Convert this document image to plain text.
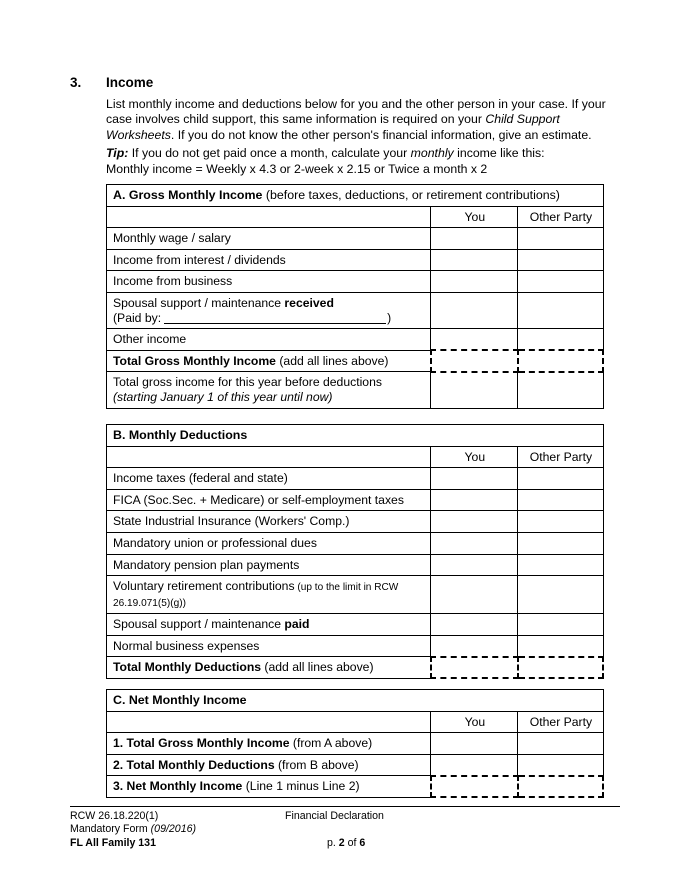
3.	Income
List monthly income and deductions below for you and the other person in your case. If your case involves child support, this same information is required on your Child Support Worksheets. If you do not know the other person's financial information, give an estimate.
Tip: If you do not get paid once a month, calculate your monthly income like this:
Monthly income = Weekly x 4.3 or 2-week x 2.15 or Twice a month x 2
A. Gross Monthly Income (before taxes, deductions, or retirement contributions)		
	You	Other Party
Monthly wage / salary		
Income from interest / dividends		
Income from business		
Spousal support / maintenance received
(Paid by: )		
Other income		
Total Gross Monthly Income (add all lines above)		
Total gross income for this year before deductions
(starting January 1 of this year until now)		
B. Monthly Deductions		
	You	Other Party
Income taxes (federal and state)		
FICA (Soc.Sec. + Medicare) or self-employment taxes		
State Industrial Insurance (Workers' Comp.)		
Mandatory union or professional dues		
Mandatory pension plan payments		
Voluntary retirement contributions (up to the limit in RCW 26.19.071(5)(g))		
Spousal support / maintenance paid		
Normal business expenses		
Total Monthly Deductions (add all lines above)		
C. Net Monthly Income		
	You	Other Party
1. Total Gross Monthly Income (from A above)		
2. Total Monthly Deductions (from B above)		
3. Net Monthly Income (Line 1 minus Line 2)		
RCW 26.18.220(1)	Financial Declaration
Mandatory Form (09/2016)
FL All Family 131	p. 2 of 6
